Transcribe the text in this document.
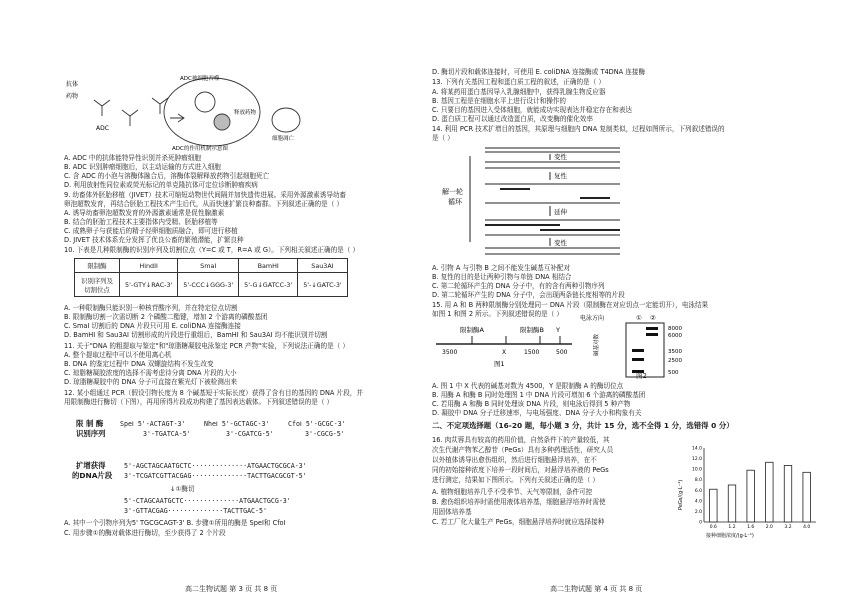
抗体
药物
ADC
ADC被细胞吞噬
释放药物
细胞凋亡
ADC的作用机制示意图
A. ADC 中的抗体能特异性识别并杀死肿瘤细胞
B. ADC 识别肿瘤细胞后，以主动运输的方式进入细胞
C. 含 ADC 的小泡与溶酶体融合后，溶酶体裂解释放药物引起细胞死亡
D. 利用放射性同位素或荧光标记的单克隆抗体可定位诊断肿瘤疾病
9. 幼畜体外胚胎移植（JIVET）技术可缩短动物世代间隔并加快遗传进展。采用外源激素诱导幼畜
卵泡超数发育，再结合胚胎工程技术产生后代，从而快速扩繁良种畜群。下列叙述正确的是（ ）
A. 诱导幼畜卵泡超数发育的外源激素通常是促性腺激素
B. 结合的胚胎工程技术主要指体内受精、胚胎移植等
C. 成熟卵子与获能后的精子经卵细胞质融合，即可进行移植
D. JIVET 技术体系充分发挥了优良公畜的繁殖潜能，扩繁良种
10. 下表是几种限制酶的识别序列及切割位点（Y=C 或 T，R=A 或 G）。下列相关叙述正确的是（ ）
限制酶	HindII	SmaI	BamHI	Sau3AI
识别序列及切割位点	5'-GTY↓RAC-3'	5'-CCC↓GGG-3'	5'-G↓GATCC-3'	5'-↓GATC-3'
A. 一种限制酶只能识别一种核苷酸序列，并在特定位点切割
B. 限制酶切割一次需切断 2 个磷酸二酯键，增加 2 个游离的磷酸基团
C. SmaI 切割后的 DNA 片段只可用 E. coliDNA 连接酶连接
D. BamHI 和 Sau3AI 切割形成的片段进行重组后，BamHI 和 Sau3AI 均不能识别并切割
11. 关于"DNA 的粗提取与鉴定"和"琼脂糖凝胶电泳鉴定 PCR 产物"实验，下列说法正确的是（ ）
A. 整个提取过程中可以不使用离心机
B. DNA 的鉴定过程中 DNA 双螺旋结构不发生改变
C. 琼脂糖凝胶浓度的选择不需考虑待分离 DNA 片段的大小
D. 琼脂糖凝胶中的 DNA 分子可直接在紫光灯下被检测出来
12. 某小组通过 PCR（假设引物长度为 8 个碱基短于实际长度）获得了含有目的基因的 DNA 片段，并
用限制酶进行酶切（下图），再用所得片段成功构建了基因表达载体。下列叙述错误的是（ ）
限 制 酶
识别序列
SpeⅠ 5'-ACTAGT-3'
3'-TGATCA-5'
NheⅠ 5'-GCTAGC-3'
3'-CGATCG-5'
CfoⅠ 5'-GCGC-3'
3'-CGCG-5'
扩增获得
的DNA片段
5'-AGCTAGCAATGCTC··············ATGAACTGCGCA-3'
3'-TCGATCGTTACGAG··············TACTTGACGCGT-5'
↓①酶切
5'-CTAGCAATGCTC··············ATGAACTGCG-3'
3'-GTTACGAG··············TACTTGAC-5'
A. 其中一个引物序列为5' TGCGCAGT-3' B. 步骤①所用的酶是 SpeⅠ和 CfoⅠ
C. 用步骤①的酶对载体进行酶切，至少获得了 2 个片段
高二生物试题 第 3 页 共 8 页
D. 酶切片段和载体连接时，可使用 E. coliDNA 连接酶或 T4DNA 连接酶
13. 下列有关基因工程和蛋白质工程的叙述，正确的是（ ）
A. 将某药用蛋白基因导入乳腺细胞中，获得乳腺生物反应器
B. 基因工程是在细胞水平上进行设计和操作的
C. 只要目的基因进入受体细胞，就能成功实现表达并稳定存在和表达
D. 蛋白质工程可以通过改造蛋白质，改变酶的催化效率
14. 利用 PCR 技术扩增目的基因，其原理与细胞内 DNA 复制类似，过程如图所示，下列叙述错误的
是（ ）
解一轮
循环
变性
复性
延伸
变性
A. 引物 A 与引物 B 之间不能发生碱基互补配对
B. 复性的目的是让两种引物与单链 DNA 相结合
C. 第二轮循环产生的 DNA 分子中，有的含有两种引物序列
D. 第二轮循环产生的 DNA 分子中，会出现两条链长度相等的片段
15. 用 A 和 B 两种限制酶分别处理同一 DNA 片段（限制酶在对应切点一定能切开），电泳结果
如图 1 和图 2 所示。下列叙述错误的是（ ）
限制酶A	限制酶B Y
3500	X	1500	500
图1
电泳方向	① ②
碱基对数
8000
6000
3500
2500
500
图2
A. 图 1 中 X 代表的碱基对数为 4500，Y 是限制酶 A 的酶切位点
B. 用酶 A 和酶 B 同时处理图 1 中 DNA 片段可增加 6 个游离的磷酸基团
C. 若用酶 A 和酶 B 同时处理该 DNA 片段，则电泳后得到 5 种产物
D. 凝胶中 DNA 分子迁移速率，与电场强度、DNA 分子大小和构象有关
二、不定项选择题（16-20 题，每小题 3 分，共计 15 分，选不全得 1 分，选错得 0 分）
16. 肉苁蓉具有较高的药用价值，自然条件下的产量较低，其
次生代谢产物苯乙醇苷（PeGs）具有多种药理活性，研究人员
以外植体诱导出愈伤组织，然后进行细胞悬浮培养，在不
同的初始接种浓度下培养一段时间后，对悬浮培养液的 PeGs
进行测定，结果如下图所示。下列有关叙述正确的是（ ）
A. 植物细胞培养几乎不受季节、天气等限制，条件可控
B. 愈伤组织培养时需使用液体培养基，细胞悬浮培养时需使
用固体培养基
C. 若工厂化大量生产 PeGs，细胞悬浮培养时就应选择接种
PeGs/(g·L⁻¹)
接种细胞浓度/(g·L⁻¹)
0
2.0
4.0
6.0
8.0
10.0
12.0
14.0
0.6	1.2	1.6	2.0	3.2	4.0
高二生物试题 第 4 页 共 8 页
